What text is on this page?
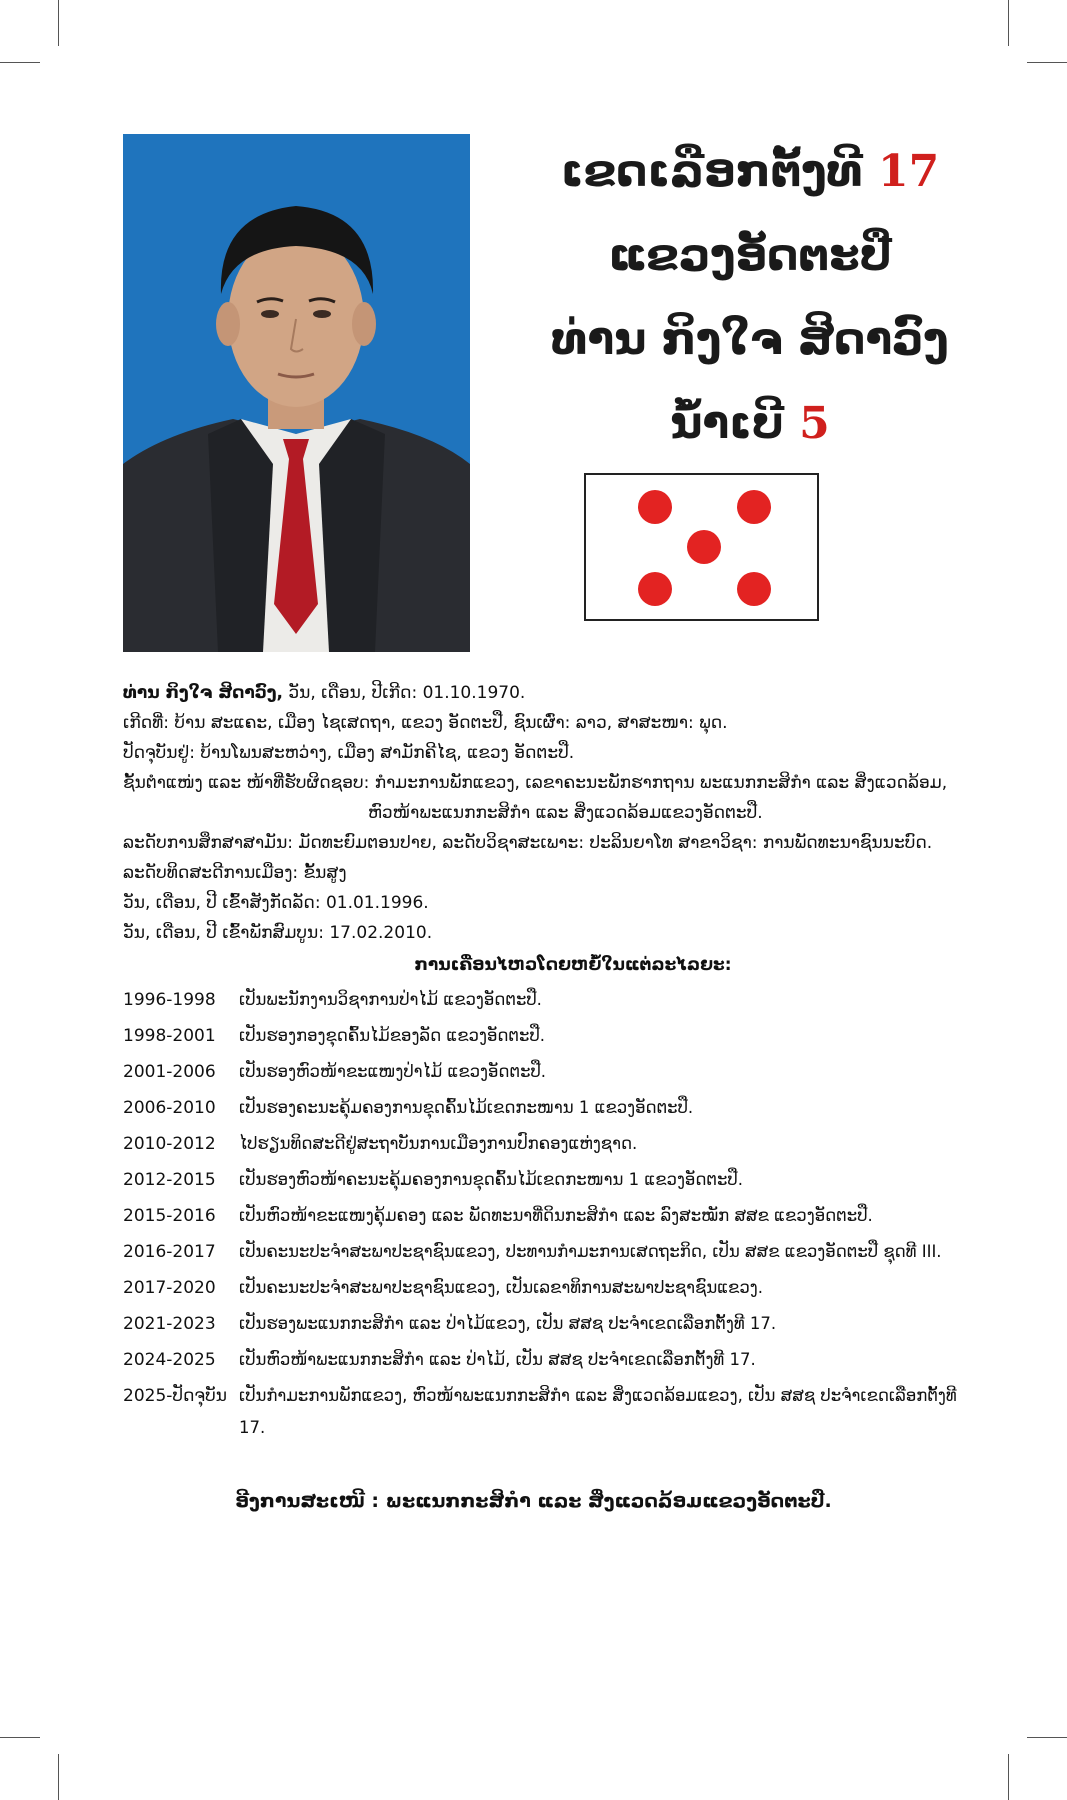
ເຂດເລືອກຕັ້ງທີ 17
ແຂວງອັດຕະປື
ທ່ານ ກິງໃຈ ສິດາວົງ
ນໍ້າເບີ 5
ທ່ານ ກິງໃຈ ສິດາວົງ, ວັນ, ເດືອນ, ປີເກີດ: 01.10.1970.
ເກີດທີ່: ບ້ານ ສະແຄະ, ເມືອງ ໄຊເສດຖາ, ແຂວງ ອັດຕະປື, ຊົນເຜົ່າ: ລາວ, ສາສະໜາ: ພຸດ.
ປັດຈຸບັນຢູ່: ບ້ານໂພນສະຫວ່າງ, ເມືອງ ສາມັກຄີໄຊ, ແຂວງ ອັດຕະປື.
ຊັ້ນຕໍາແໜ່ງ ແລະ ໜ້າທີ່ຮັບຜິດຊອບ: ກໍາມະການພັກແຂວງ, ເລຂາຄະນະພັກຮາກຖານ ພະແນກກະສິກໍາ ແລະ ສິ່ງແວດລ້ອມ,
ຫົວໜ້າພະແນກກະສິກໍາ ແລະ ສິ່ງແວດລ້ອມແຂວງອັດຕະປື.
ລະດັບການສຶກສາສາມັນ: ມັດທະຍົມຕອນປາຍ, ລະດັບວິຊາສະເພາະ: ປະລິນຍາໂທ ສາຂາວິຊາ: ການພັດທະນາຊົນນະບົດ.
ລະດັບທິດສະດີການເມືອງ: ຂັ້ນສູງ
ວັນ, ເດືອນ, ປີ ເຂົ້າສັງກັດລັດ: 01.01.1996.
ວັນ, ເດືອນ, ປີ ເຂົ້າພັກສົມບູນ: 17.02.2010.
ການເຄື່ອນໄຫວໂດຍຫຍໍ້ໃນແຕ່ລະໄລຍະ:
1996-1998	ເປັນພະນັກງານວິຊາການປ່າໄມ້ ແຂວງອັດຕະປື.
1998-2001	ເປັນຮອງກອງຂຸດຄົ້ນໄມ້ຂອງລັດ ແຂວງອັດຕະປື.
2001-2006	ເປັນຮອງຫົວໜ້າຂະແໜງປ່າໄມ້ ແຂວງອັດຕະປື.
2006-2010	ເປັນຮອງຄະນະຄຸ້ມຄອງການຂຸດຄົ້ນໄມ້ເຂດກະໜານ 1 ແຂວງອັດຕະປື.
2010-2012	ໄປຮຽນທິດສະດີຢູ່ສະຖາບັນການເມືອງການປົກຄອງແຫ່ງຊາດ.
2012-2015	ເປັນຮອງຫົວໜ້າຄະນະຄຸ້ມຄອງການຂຸດຄົ້ນໄມ້ເຂດກະໜານ 1 ແຂວງອັດຕະປື.
2015-2016	ເປັນຫົວໜ້າຂະແໜງຄຸ້ມຄອງ ແລະ ພັດທະນາທີ່ດິນກະສິກໍາ ແລະ ລົງສະໝັກ ສສຂ ແຂວງອັດຕະປື.
2016-2017	ເປັນຄະນະປະຈໍາສະພາປະຊາຊົນແຂວງ, ປະທານກໍາມະການເສດຖະກິດ, ເປັນ ສສຂ ແຂວງອັດຕະປື ຊຸດທີ III.
2017-2020	ເປັນຄະນະປະຈໍາສະພາປະຊາຊົນແຂວງ, ເປັນເລຂາທິການສະພາປະຊາຊົນແຂວງ.
2021-2023	ເປັນຮອງພະແນກກະສິກໍາ ແລະ ປ່າໄມ້ແຂວງ, ເປັນ ສສຊ ປະຈໍາເຂດເລືອກຕັ້ງທີ 17.
2024-2025	ເປັນຫົວໜ້າພະແນກກະສິກໍາ ແລະ ປ່າໄມ້, ເປັນ ສສຊ ປະຈໍາເຂດເລືອກຕັ້ງທີ 17.
2025-ປັດຈຸບັນ ເປັນກໍາມະການພັກແຂວງ, ຫົວໜ້າພະແນກກະສິກໍາ ແລະ ສິ່ງແວດລ້ອມແຂວງ, ເປັນ ສສຊ ປະຈໍາເຂດເລືອກຕັ້ງທີ 17.
ອີງການສະເໜີ : ພະແນກກະສິກໍາ ແລະ ສິ່ງແວດລ້ອມແຂວງອັດຕະປື.
